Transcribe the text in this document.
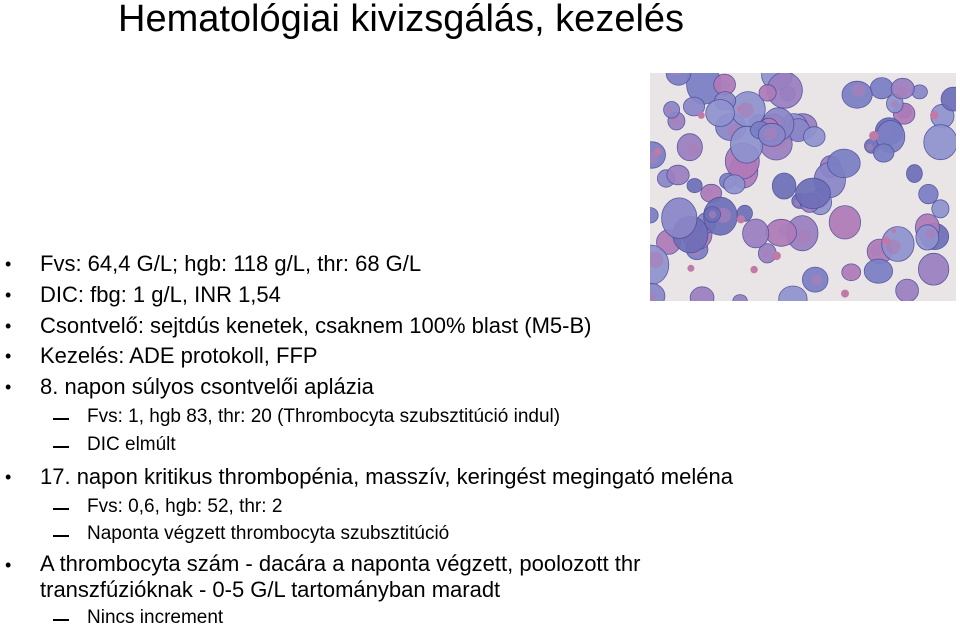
Hematológiai kivizsgálás, kezelés
• Fvs: 64,4 G/L; hgb: 118 g/L, thr: 68 G/L
• DIC: fbg: 1 g/L, INR 1,54
• Csontvelő: sejtdús kenetek, csaknem 100% blast (M5-B)
• Kezelés: ADE protokoll, FFP
• 8. napon súlyos csontvelői aplázia
Fvs: 1, hgb 83, thr: 20 (Thrombocyta szubsztitúció indul)
DIC elmúlt
• 17. napon kritikus thrombopénia, masszív, keringést megingató meléna
Fvs: 0,6, hgb: 52, thr: 2
Naponta végzett thrombocyta szubsztitúció
• A thrombocyta szám - dacára a naponta végzett, poolozott thr
transzfúzióknak - 0-5 G/L tartományban maradt
Nincs increment
